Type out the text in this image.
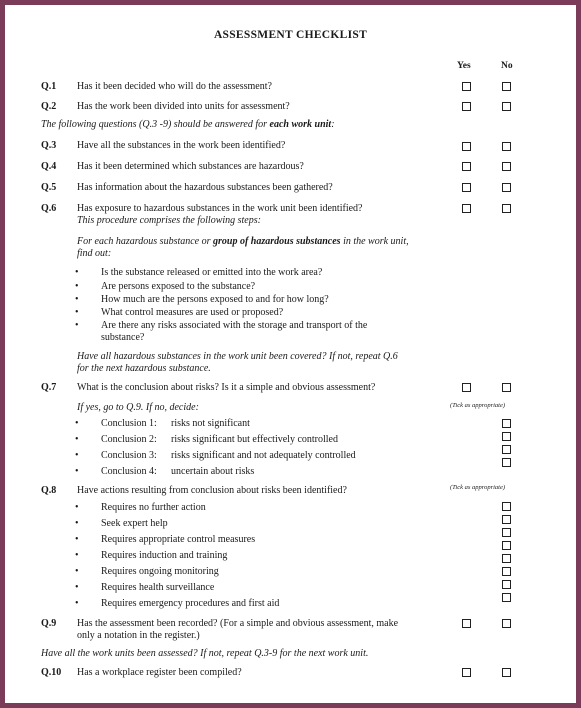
ASSESSMENT CHECKLIST
Yes	No
Q.1 Has it been decided who will do the assessment?
Q.2 Has the work been divided into units for assessment?
The following questions (Q.3 -9) should be answered for each work unit:
Q.3 Have all the substances in the work been identified?
Q.4 Has it been determined which substances are hazardous?
Q.5 Has information about the hazardous substances been gathered?
Q.6 Has exposure to hazardous substances in the work unit been identified?
This procedure comprises the following steps:
For each hazardous substance or group of hazardous substances in the work unit,
find out:
• Is the substance released or emitted into the work area?
• Are persons exposed to the substance?
• How much are the persons exposed to and for how long?
• What control measures are used or proposed?
• Are there any risks associated with the storage and transport of the
substance?
Have all hazardous substances in the work unit been covered? If not, repeat Q.6
for the next hazardous substance.
Q.7 What is the conclusion about risks? Is it a simple and obvious assessment?
If yes, go to Q.9. If no, decide:	(Tick as appropriate)
• Conclusion 1: risks not significant
• Conclusion 2: risks significant but effectively controlled
• Conclusion 3: risks significant and not adequately controlled
• Conclusion 4: uncertain about risks
Q.8 Have actions resulting from conclusion about risks been identified?	(Tick as appropriate)
• Requires no further action
• Seek expert help
• Requires appropriate control measures
• Requires induction and training
• Requires ongoing monitoring
• Requires health surveillance
• Requires emergency procedures and first aid
Q.9 Has the assessment been recorded? (For a simple and obvious assessment, make
only a notation in the register.)
Have all the work units been assessed? If not, repeat Q.3-9 for the next work unit.
Q.10 Has a workplace register been compiled?
